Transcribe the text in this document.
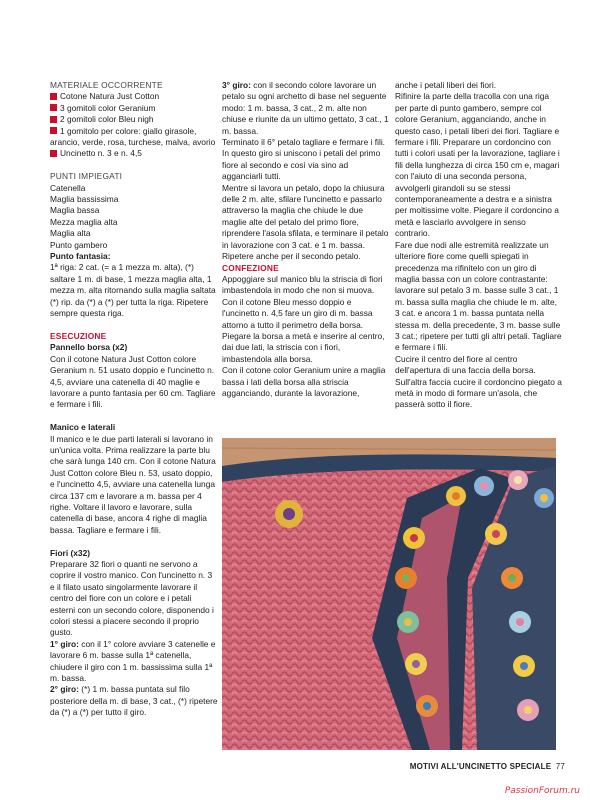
MATERIALE OCCORRENTE

Cotone Natura Just Cotton

3 gomitoli color Geranium

2 gomitoli color Bleu nigh

1 gomitolo per colore: giallo girasole, arancio, verde, rosa, turchese, malva, avorio

Uncinetto n. 3 e n. 4,5

PUNTI IMPIEGATI

Catenella

Maglia bassissima

Maglia bassa

Mezza maglia alta

Maglia alta

Punto gambero

Punto fantasia:

1ª riga: 2 cat. (= a 1 mezza m. alta), (*) saltare 1 m. di base, 1 mezza maglia alta, 1 mezza m. alta ritornando sulla maglia saltata (*) rip. da (*) a (*) per tutta la riga. Ripetere sempre questa riga.

ESECUZIONE

Pannello borsa (x2)

Con il cotone Natura Just Cotton colore Geranium n. 51 usato doppio e l'uncinetto n. 4,5, avviare una catenella di 40 maglie e lavorare a punto fantasia per 60 cm. Tagliare e fermare i fili.

Manico e laterali

Il manico e le due parti laterali si lavorano in un'unica volta. Prima realizzare la parte blu che sarà lunga 140 cm. Con il cotone Natura Just Cotton colore Bleu n. 53, usato doppio, e l'uncinetto 4,5, avviare una catenella lunga circa 137 cm e lavorare a m. bassa per 4 righe. Voltare il lavoro e lavorare, sulla catenella di base, ancora 4 righe di maglia bassa. Tagliare e fermare i fili.

Fiori (x32)

Preparare 32 fiori o quanti ne servono a coprire il vostro manico. Con l'uncinetto n. 3 e il filato usato singolarmente lavorare il centro del fiore con un colore e i petali esterni con un secondo colore, disponendo i colori stessi a piacere secondo il proprio gusto.

1° giro: con il 1° colore avviare 3 catenelle e lavorare 6 m. basse sulla 1ª catenella, chiudere il giro con 1 m. bassissima sulla 1ª m. bassa.

2° giro: (*) 1 m. bassa puntata sul filo posteriore della m. di base, 3 cat., (*) ripetere da (*) a (*) per tutto il giro.

3° giro: con il secondo colore lavorare un petalo su ogni archetto di base nel seguente modo: 1 m. bassa, 3 cat., 2 m. alte non chiuse e riunite da un ultimo gettato, 3 cat., 1 m. bassa.

Terminato il 6° petalo tagliare e fermare i fili. In questo giro si uniscono i petali del primo fiore al secondo e così via sino ad agganciarli tutti.

Mentre si lavora un petalo, dopo la chiusura delle 2 m. alte, sfilare l'uncinetto e passarlo attraverso la maglia che chiude le due maglie alte del petalo del primo fiore, riprendere l'asola sfilata, e terminare il petalo in lavorazione con 3 cat. e 1 m. bassa. Ripetere anche per il secondo petalo.

CONFEZIONE

Appoggiare sul manico blu la striscia di fiori imbastendola in modo che non si muova. Con il cotone Bleu messo doppio e l'uncinetto n. 4,5 fare un giro di m. bassa attorno a tutto il perimetro della borsa.

Piegare la borsa a metà e inserire al centro, dai due lati, la striscia con i fiori, imbastendola alla borsa.

Con il cotone color Geranium unire a maglia bassa i lati della borsa alla striscia agganciando, durante la lavorazione,

anche i petali liberi dei fiori.

Rifinire la parte della tracolla con una riga per parte di punto gambero, sempre col colore Geranium, agganciando, anche in questo caso, i petali liberi dei fiori. Tagliare e fermare i fili. Preparare un cordoncino con tutti i colori usati per la lavorazione, tagliare i fili della lunghezza di circa 150 cm e, magari con l'aiuto di una seconda persona, avvolgerli girandoli su se stessi contemporaneamente a destra e a sinistra per moltissime volte. Piegare il cordoncino a metà e lasciarlo avvolgere in senso contrario.

Fare due nodi alle estremità realizzate un ulteriore fiore come quelli spiegati in precedenza ma rifinitelo con un giro di maglia bassa con un colore contrastante: lavorare sul petalo 3 m. basse sulle 3 cat., 1 m. bassa sulla maglia che chiude le m. alte, 3 cat. e ancora 1 m. bassa puntata nella stessa m. della precedente, 3 m. basse sulle 3 cat.; ripetere per tutti gli altri petali. Tagliare e fermare i fili.

Cucire il centro del fiore al centro dell'apertura di una faccia della borsa. Sull'altra faccia cucire il cordoncino piegato a metà in modo di formare un'asola, che passerà sotto il fiore.

MOTIVI ALL'UNCINETTO SPECIALE 77
PassionForum.ru
